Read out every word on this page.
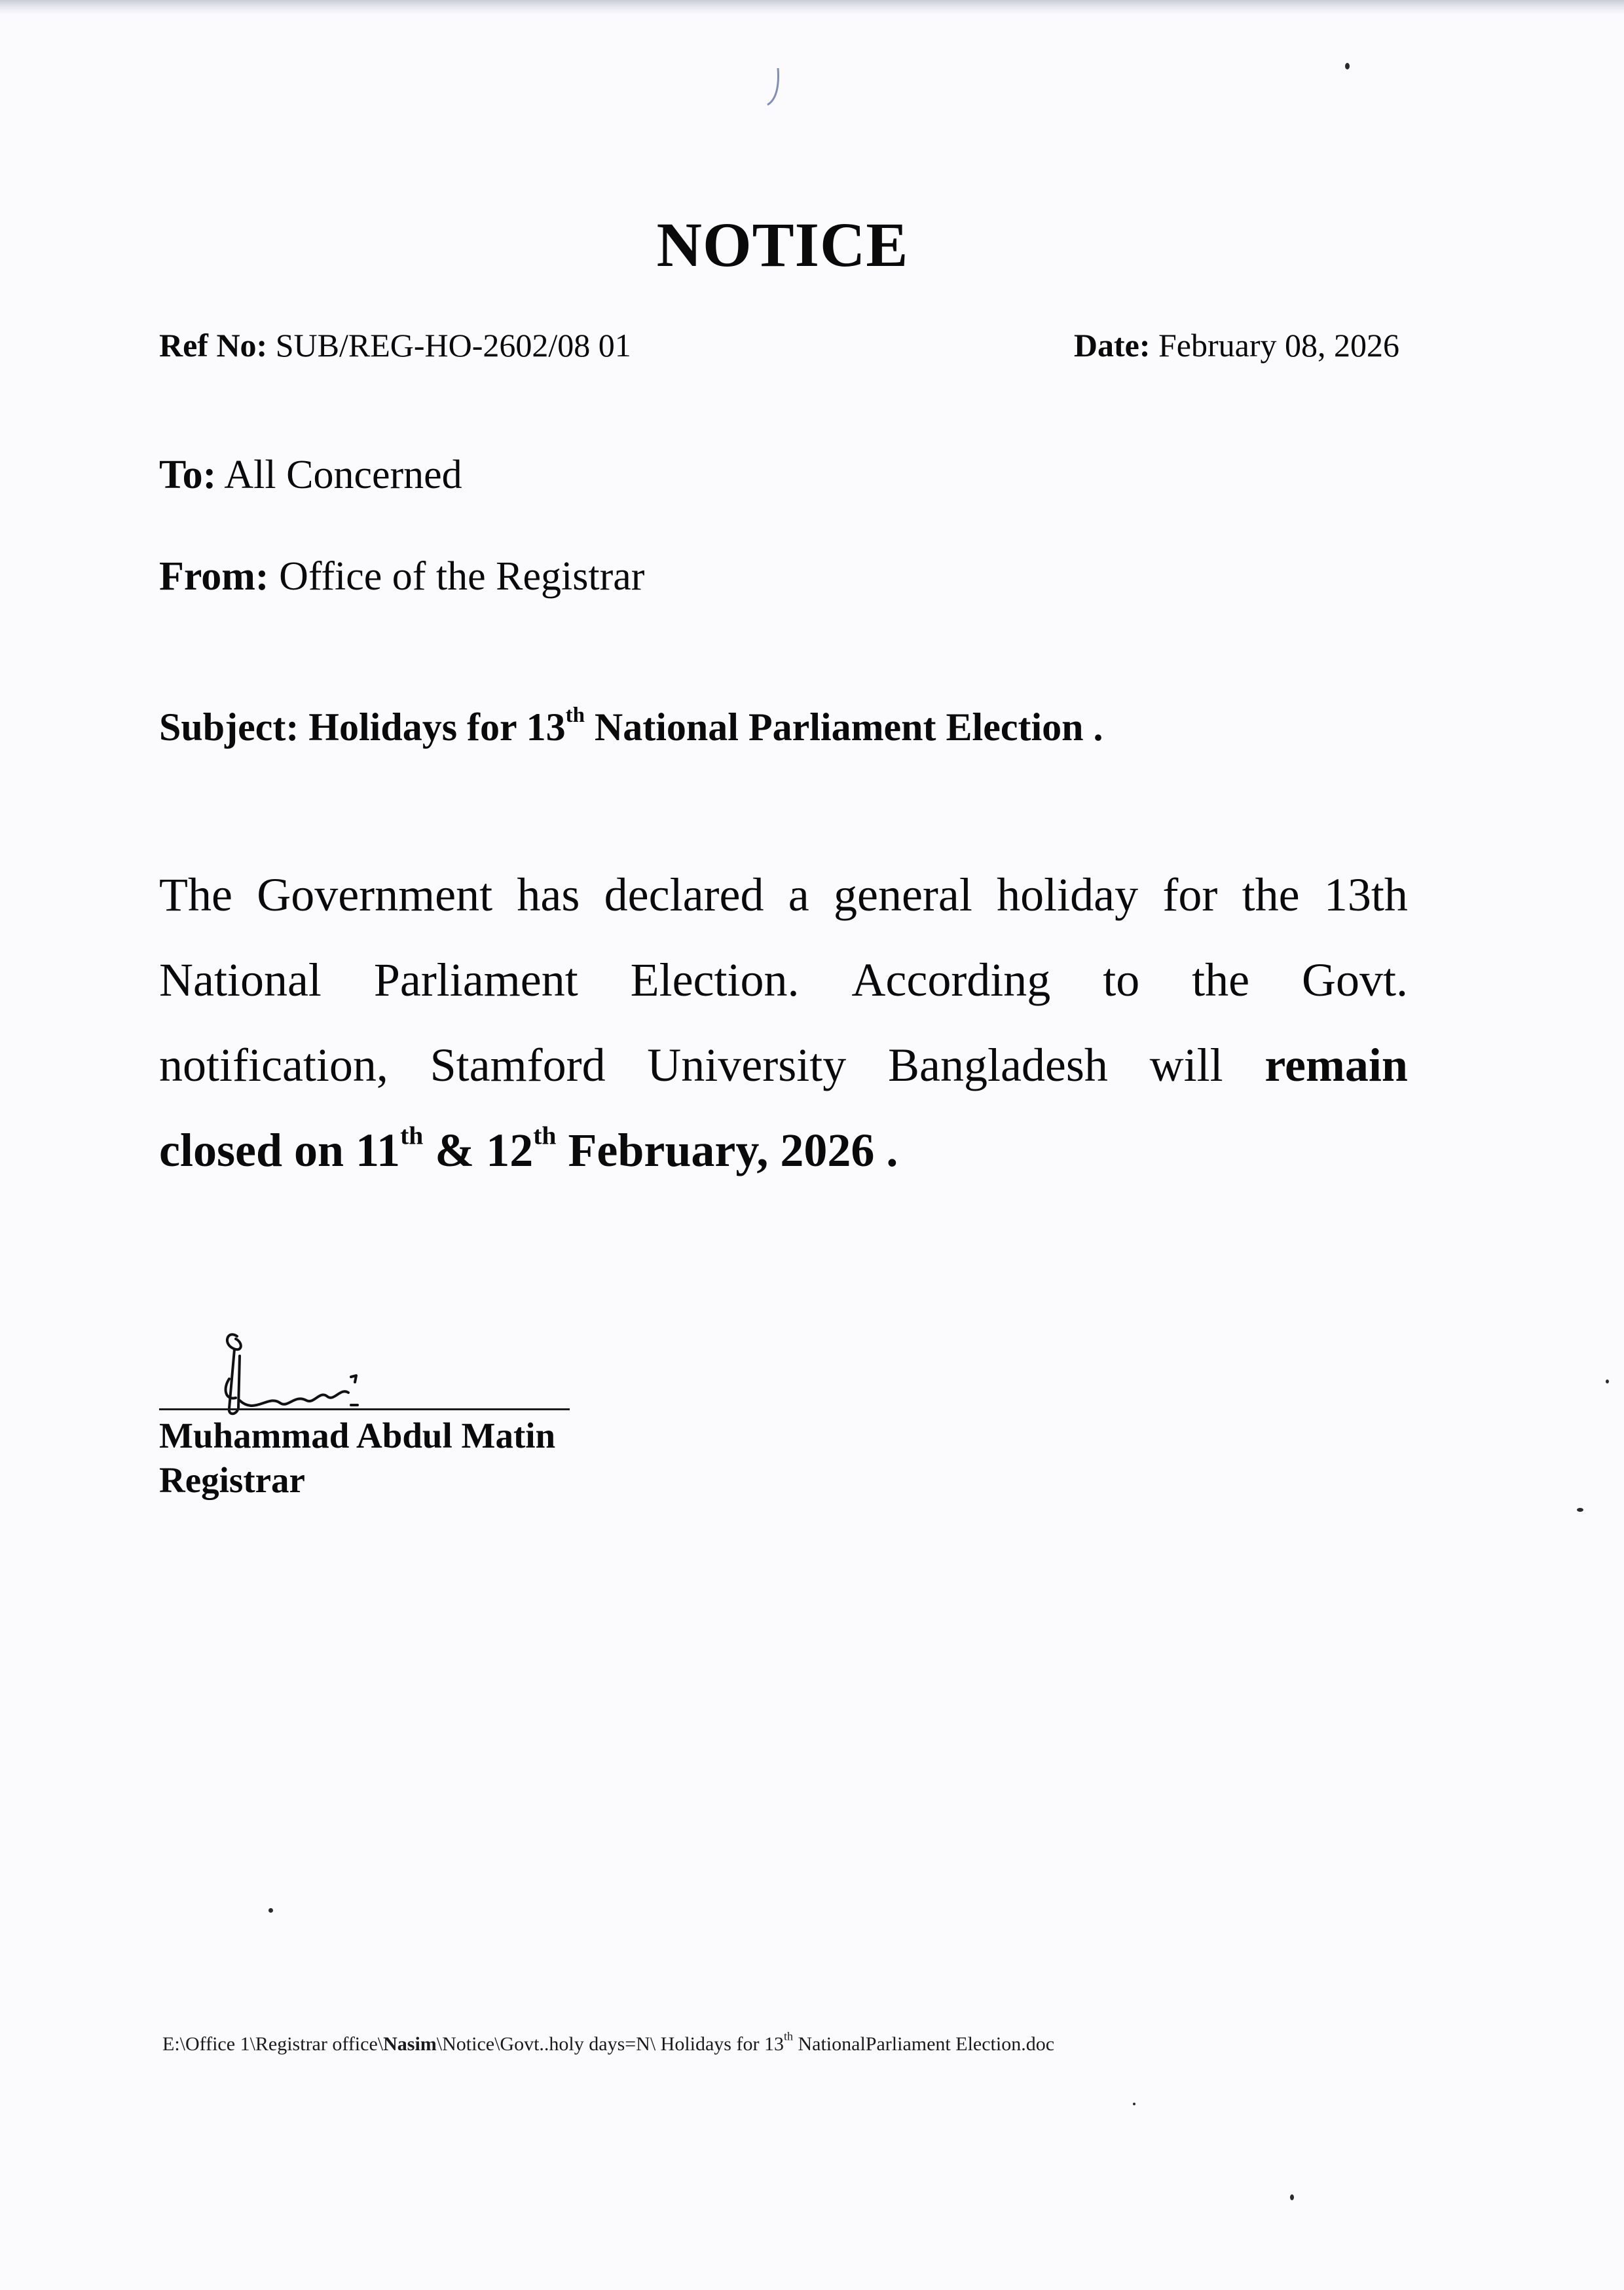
NOTICE
Ref No: SUB/REG-HO-2602/08 01	Date: February 08, 2026
To: All Concerned
From: Office of the Registrar
Subject: Holidays for 13th National Parliament Election .
The Government has declared a general holiday for the 13th
National Parliament Election. According to the Govt.
notification, Stamford University Bangladesh will remain
closed on 11th & 12th February, 2026 .
Muhammad Abdul Matin
Registrar
E:\Office 1\Registrar office\Nasim\Notice\Govt..holy days=N\ Holidays for 13th NationalParliament Election.doc
